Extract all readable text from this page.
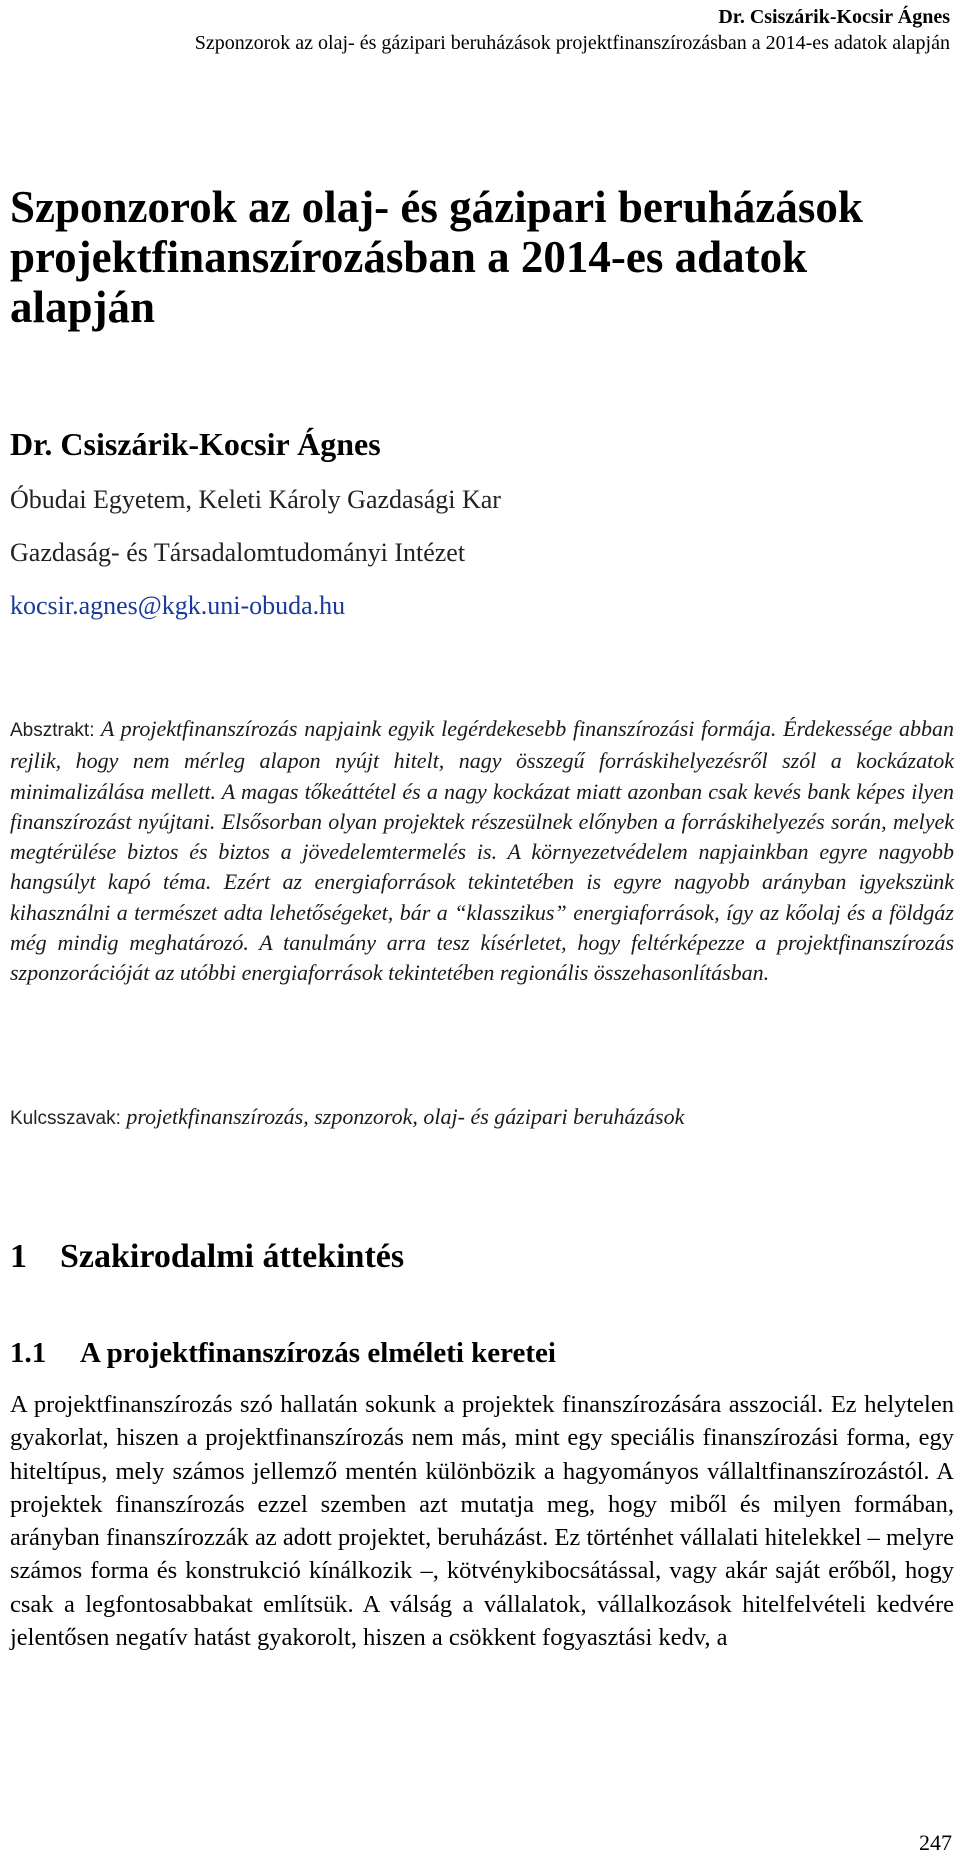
Dr. Csiszárik-Kocsir Ágnes
Szponzorok az olaj- és gázipari beruházások projektfinanszírozásban a 2014-es adatok alapján
Szponzorok az olaj- és gázipari beruházások projektfinanszírozásban a 2014-es adatok alapján

Dr. Csiszárik-Kocsir Ágnes

Óbudai Egyetem, Keleti Károly Gazdasági Kar

Gazdaság- és Társadalomtudományi Intézet

kocsir.agnes@kgk.uni-obuda.hu

Absztrakt: A projektfinanszírozás napjaink egyik legérdekesebb finanszírozási formája. Érdekessége abban rejlik, hogy nem mérleg alapon nyújt hitelt, nagy összegű forráskihelyezésről szól a kockázatok minimalizálása mellett. A magas tőkeáttétel és a nagy kockázat miatt azonban csak kevés bank képes ilyen finanszírozást nyújtani. Elsősorban olyan projektek részesülnek előnyben a forráskihelyezés során, melyek megtérülése biztos és biztos a jövedelemtermelés is. A környezetvédelem napjainkban egyre nagyobb hangsúlyt kapó téma. Ezért az energiaforrások tekintetében is egyre nagyobb arányban igyekszünk kihasználni a természet adta lehetőségeket, bár a “klasszikus” energiaforrások, így az kőolaj és a földgáz még mindig meghatározó. A tanulmány arra tesz kísérletet, hogy feltérképezze a projektfinanszírozás szponzorációját az utóbbi energiaforrások tekintetében regionális összehasonlításban.

Kulcsszavak: projetkfinanszírozás, szponzorok, olaj- és gázipari beruházások

1 Szakirodalmi áttekintés
1.1 A projektfinanszírozás elméleti keretei

A projektfinanszírozás szó hallatán sokunk a projektek finanszírozására asszociál. Ez helytelen gyakorlat, hiszen a projektfinanszírozás nem más, mint egy speciális finanszírozási forma, egy hiteltípus, mely számos jellemző mentén különbözik a hagyományos vállaltfinanszírozástól. A projektek finanszírozás ezzel szemben azt mutatja meg, hogy miből és milyen formában, arányban finanszírozzák az adott projektet, beruházást. Ez történhet vállalati hitelekkel – melyre számos forma és konstrukció kínálkozik –, kötvénykibocsátással, vagy akár saját erőből, hogy csak a legfontosabbakat említsük. A válság a vállalatok, vállalkozások hitelfelvételi kedvére jelentősen negatív hatást gyakorolt, hiszen a csökkent fogyasztási kedv, a

247
